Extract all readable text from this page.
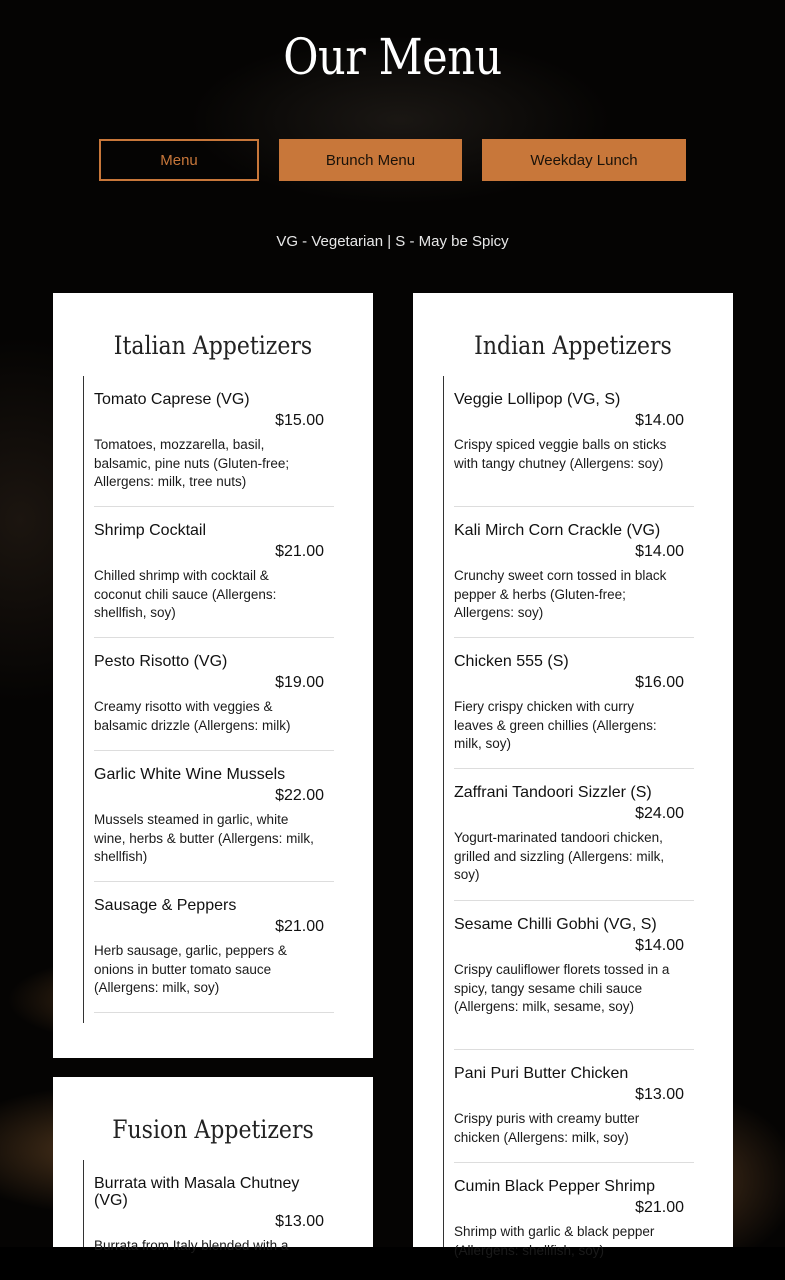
Our Menu
Menu	Brunch Menu	Weekday Lunch
VG - Vegetarian | S - May be Spicy
Italian Appetizers
Tomato Caprese (VG)
$15.00
Tomatoes, mozzarella, basil, balsamic, pine nuts (Gluten-free; Allergens: milk, tree nuts)
Shrimp Cocktail
$21.00
Chilled shrimp with cocktail & coconut chili sauce (Allergens: shellfish, soy)
Pesto Risotto (VG)
$19.00
Creamy risotto with veggies & balsamic drizzle (Allergens: milk)
Garlic White Wine Mussels
$22.00
Mussels steamed in garlic, white wine, herbs & butter (Allergens: milk, shellfish)
Sausage & Peppers
$21.00
Herb sausage, garlic, peppers & onions in butter tomato sauce (Allergens: milk, soy)
Indian Appetizers
Veggie Lollipop (VG, S)
$14.00
Crispy spiced veggie balls on sticks with tangy chutney (Allergens: soy)
Kali Mirch Corn Crackle (VG)
$14.00
Crunchy sweet corn tossed in black pepper & herbs (Gluten-free; Allergens: soy)
Chicken 555 (S)
$16.00
Fiery crispy chicken with curry leaves & green chillies (Allergens: milk, soy)
Zaffrani Tandoori Sizzler (S)
$24.00
Yogurt-marinated tandoori chicken, grilled and sizzling (Allergens: milk, soy)
Sesame Chilli Gobhi (VG, S)
$14.00
Crispy cauliflower florets tossed in a spicy, tangy sesame chili sauce (Allergens: milk, sesame, soy)
Pani Puri Butter Chicken
$13.00
Crispy puris with creamy butter chicken (Allergens: milk, soy)
Cumin Black Pepper Shrimp
$21.00
Shrimp with garlic & black pepper (Allergens: shellfish, soy)
Fusion Appetizers
Burrata with Masala Chutney (VG)
$13.00
Burrata from Italy blended with a
